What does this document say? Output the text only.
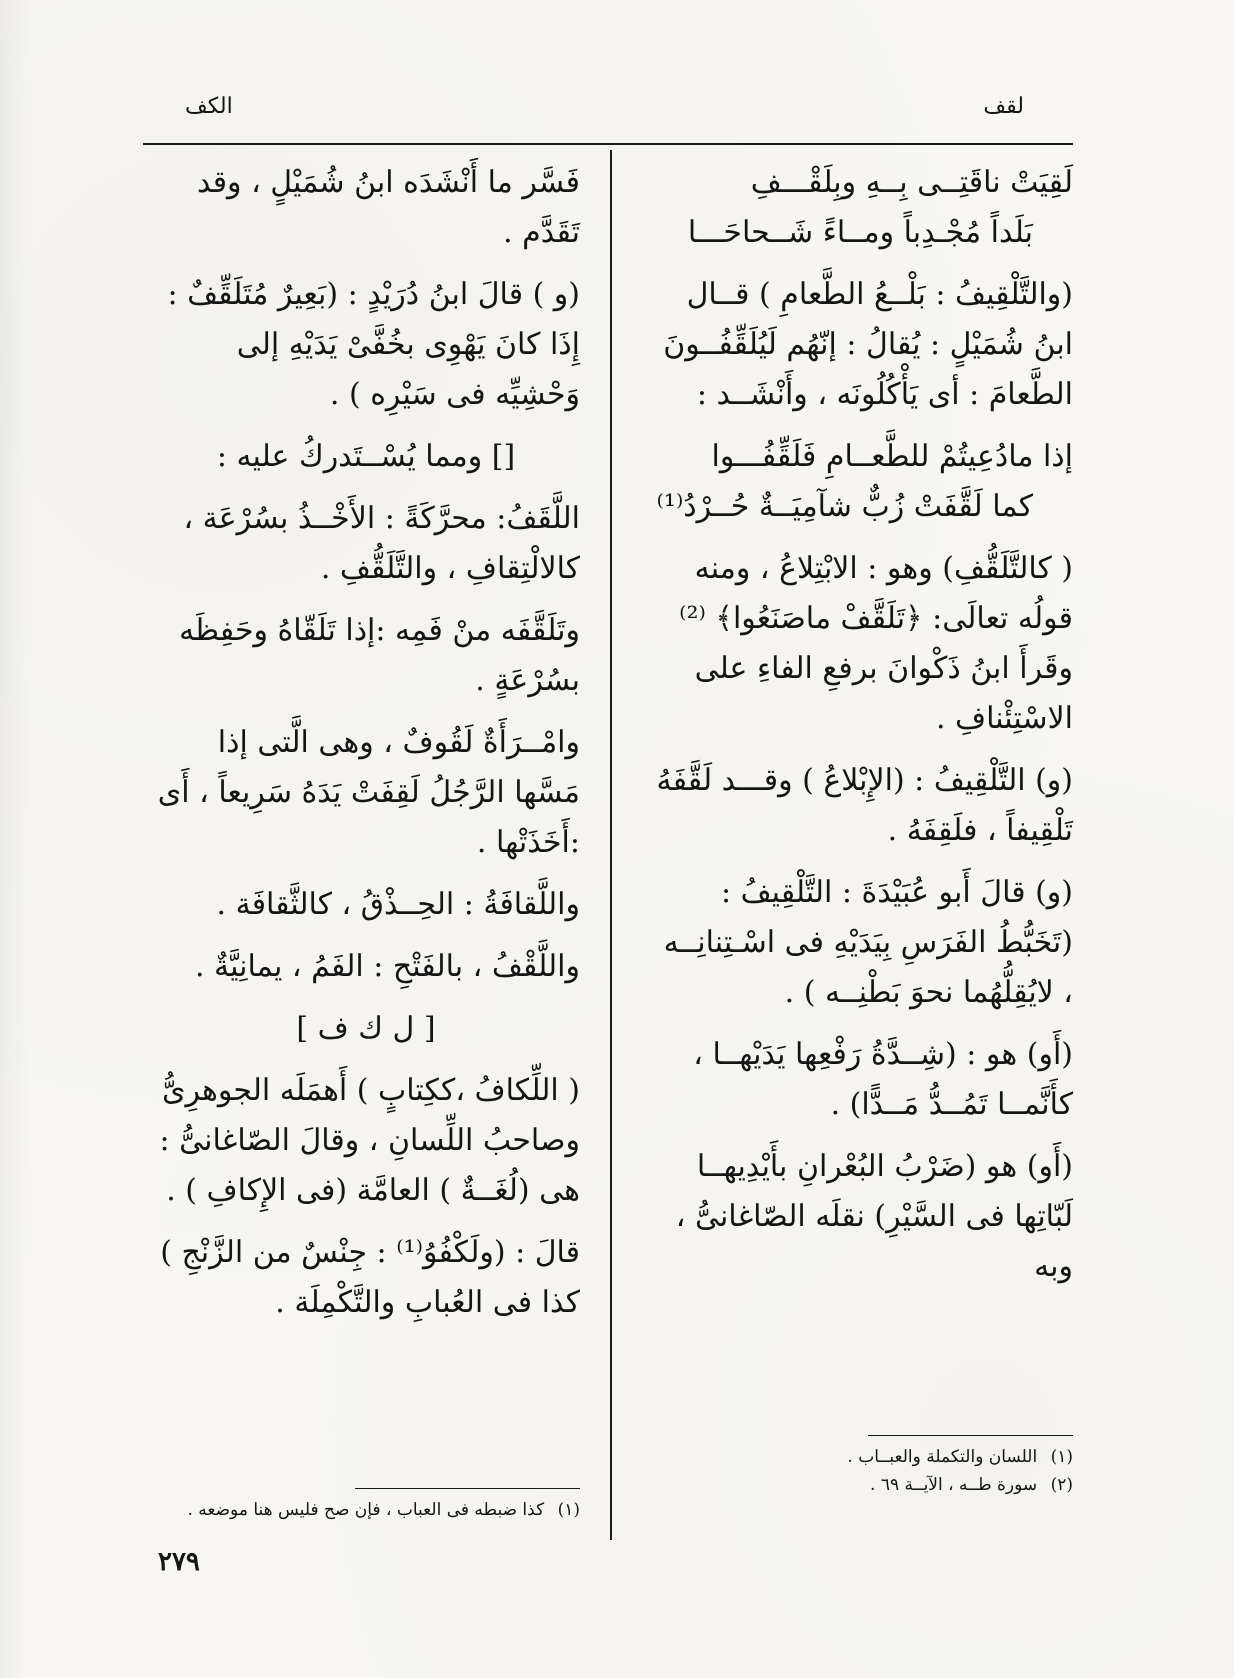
لقف
الكف

لَقِيَتْ ناقَتِــى بِــهِ وبِلَقْـــفِ
بَلَداً مُجْـدِباً ومــاءً شَــحاحَـــا

(والتَّلْقِيفُ : بَلْــعُ الطَّعامِ ) قــال ابنُ شُمَيْلٍ : يُقالُ : إنّهُم لَيُلَقِّفُــونَ الطَّعامَ : أى يَأْكُلُونَه ، وأَنْشَــد :

إذا مادُعِيتُمْ للطَّعــامِ فَلَقِّفُـــوا
كما لَقَّفَتْ زُبٌّ شآمِيَــةٌ حُــرْدُ⁽¹⁾

( كالتَّلَقُّفِ) وهو : الابْتِلاعُ ، ومنه قولُه تعالَى: ﴿تَلَقَّفْ ماصَنَعُوا﴾ ⁽²⁾ وقَرأَ ابنُ ذَكْوانَ برفعِ الفاءِ على الاسْتِئْنافِ .

(و) التَّلْقِيفُ : (الإِبْلاعُ ) وقـــد لَقَّفَهُ تَلْقِيفاً ، فلَقِفَهُ .

(و) قالَ أَبو عُبَيْدَةَ : التَّلْقِيفُ : (تَخَبُّطُ الفَرَسِ بِيَدَيْهِ فى اسْـتِنانِــه ، لايُقِلُّهُما نحوَ بَطْنِــه ) .

(أَو) هو : (شِــدَّةُ رَفْعِها يَدَيْهــا ، كأَنَّمــا تَمُــدُّ مَــدًّا) .

(أَو) هو (ضَرْبُ البُعْرانِ بأَيْدِيهــا لَبّاتِها فى السَّيْرِ) نقلَه الصّاغانىُّ ، وبه

فَسَّر ما أَنْشَدَه ابنُ شُمَيْلٍ ، وقد تَقَدَّم .

(و ) قالَ ابنُ دُرَيْدٍ : (بَعِيرٌ مُتَلَقِّفٌ : إِذَا كانَ يَهْوِى بخُفَّىْ يَدَيْهِ إلى وَحْشِيِّه فى سَيْرِه ) .

[] ومما يُسْــتَدركُ عليه :

اللَّقَفُ: محرَّكَةً : الأَخْــذُ بسُرْعَة ، كالالْتِقافِ ، والتَّلَقُّفِ .

وتَلَقَّفَه منْ فَمِه :إذا تَلَقّاهُ وحَفِظَه بسُرْعَةٍ .

وامْــرَأَةٌ لَقُوفٌ ، وهى الَّتى إذا مَسَّها الرَّجُلُ لَقِفَتْ يَدَهُ سَرِيعاً ، أَى :أَخَذَتْها .

واللَّقافَةُ : الحِــذْقُ ، كالثَّقافَة .

واللَّقْفُ ، بالفَتْحِ : الفَمُ ، يمانِيَّةٌ .

[ ل ك ف ]

( اللِّكافُ ،ككِتابٍ ) أَهمَلَه الجوهرِىُّ وصاحبُ اللِّسانِ ، وقالَ الصّاغانىُّ : هى (لُغَــةٌ ) العامَّة (فى الإِكافِ ) .

قالَ : (ولَكْفُوُ⁽¹⁾ : جِنْسٌ من الزَّنْجِ ) كذا فى العُبابِ والتَّكْمِلَة .

(١) اللسان والتكملة والعبــاب .
(٢) سورة طــه ، الآيــة ٦٩ .
(١) كذا ضبطه فى العباب ، فإن صح فليس هنا موضعه .
٢٧٩
